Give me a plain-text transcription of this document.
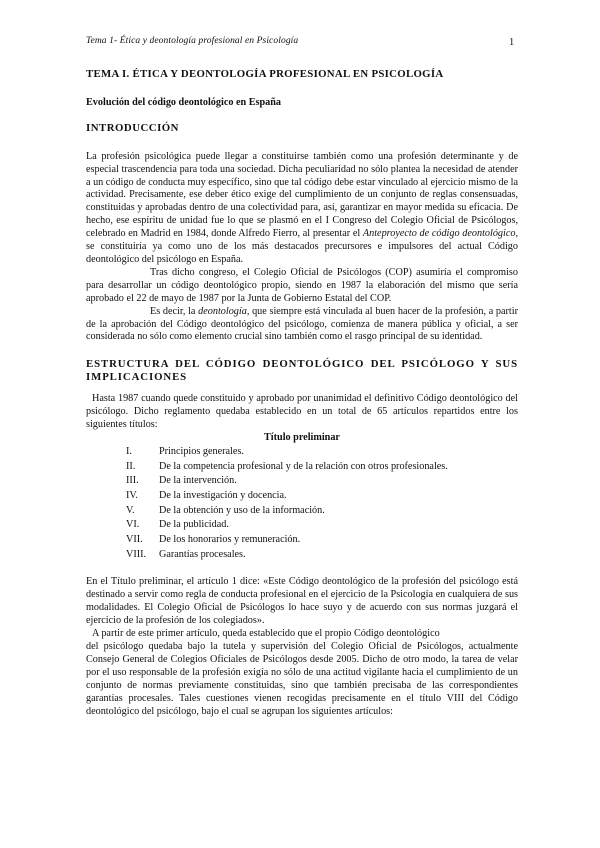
Tema 1- Ética y deontología profesional en Psicología	1
TEMA I. ÉTICA Y DEONTOLOGÍA PROFESIONAL EN PSICOLOGÍA
Evolución del código deontológico en España
INTRODUCCIÓN

La profesión psicológica puede llegar a constituirse también como una profesión determinante y de especial trascendencia para toda una sociedad. Dicha peculiaridad no sólo plantea la necesidad de atender a un código de conducta muy específico, sino que tal código debe estar vinculado al ejercicio mismo de la actividad. Precisamente, ese deber ético exige del cumplimiento de un conjunto de reglas consensuadas, constituidas y aprobadas dentro de una colectividad para, así, garantizar en mayor medida su eficacia. De hecho, ese espíritu de unidad fue lo que se plasmó en el I Congreso del Colegio Oficial de Psicólogos, celebrado en Madrid en 1984, donde Alfredo Fierro, al presentar el Anteproyecto de código deontológico, se constituiría ya como uno de los más destacados precursores e impulsores del actual Código deontológico del psicólogo en España.

Tras dicho congreso, el Colegio Oficial de Psicólogos (COP) asumiría el compromiso para desarrollar un código deontológico propio, siendo en 1987 la elaboración del mismo que sería aprobado el 22 de mayo de 1987 por la Junta de Gobierno Estatal del COP.

Es decir, la deontología, que siempre está vinculada al buen hacer de la profesión, a partir de la aprobación del Código deontológico del psicólogo, comienza de manera pública y oficial, a ser considerada no sólo como elemento crucial sino también como el rasgo principal de su identidad.

ESTRUCTURA DEL CÓDIGO DEONTOLÓGICO DEL PSICÓLOGO Y SUS IMPLICACIONES

Hasta 1987 cuando quede constituido y aprobado por unanimidad el definitivo Código deontológico del psicólogo. Dicho reglamento quedaba establecido en un total de 65 artículos repartidos entre los siguientes títulos:

Título preliminar
I.	Principios generales.
II. De la competencia profesional y de la relación con otros profesionales.
III. De la intervención.
IV. De la investigación y docencia.
V. De la obtención y uso de la información.
VI. De la publicidad.
VII. De los honorarios y remuneración.
VIII. Garantías procesales.

En el Título preliminar, el artículo 1 dice: «Este Código deontológico de la profesión del psicólogo está destinado a servir como regla de conducta profesional en el ejercicio de la Psicología en cualquiera de sus modalidades. El Colegio Oficial de Psicólogos lo hace suyo y de acuerdo con sus normas juzgará el ejercicio de la profesión de los colegiados».

A partir de este primer artículo, queda establecido que el propio Código deontológico

del psicólogo quedaba bajo la tutela y supervisión del Colegio Oficial de Psicólogos, actualmente Consejo General de Colegios Oficiales de Psicólogos desde 2005. Dicho de otro modo, la tarea de velar por el uso responsable de la profesión exigía no sólo de una actitud vigilante hacia el cumplimiento de un conjunto de normas previamente constituidas, sino que también precisaba de las correspondientes garantías procesales. Tales cuestiones vienen recogidas precisamente en el título VIII del Código deontológico del psicólogo, bajo el cual se agrupan los siguientes artículos:
